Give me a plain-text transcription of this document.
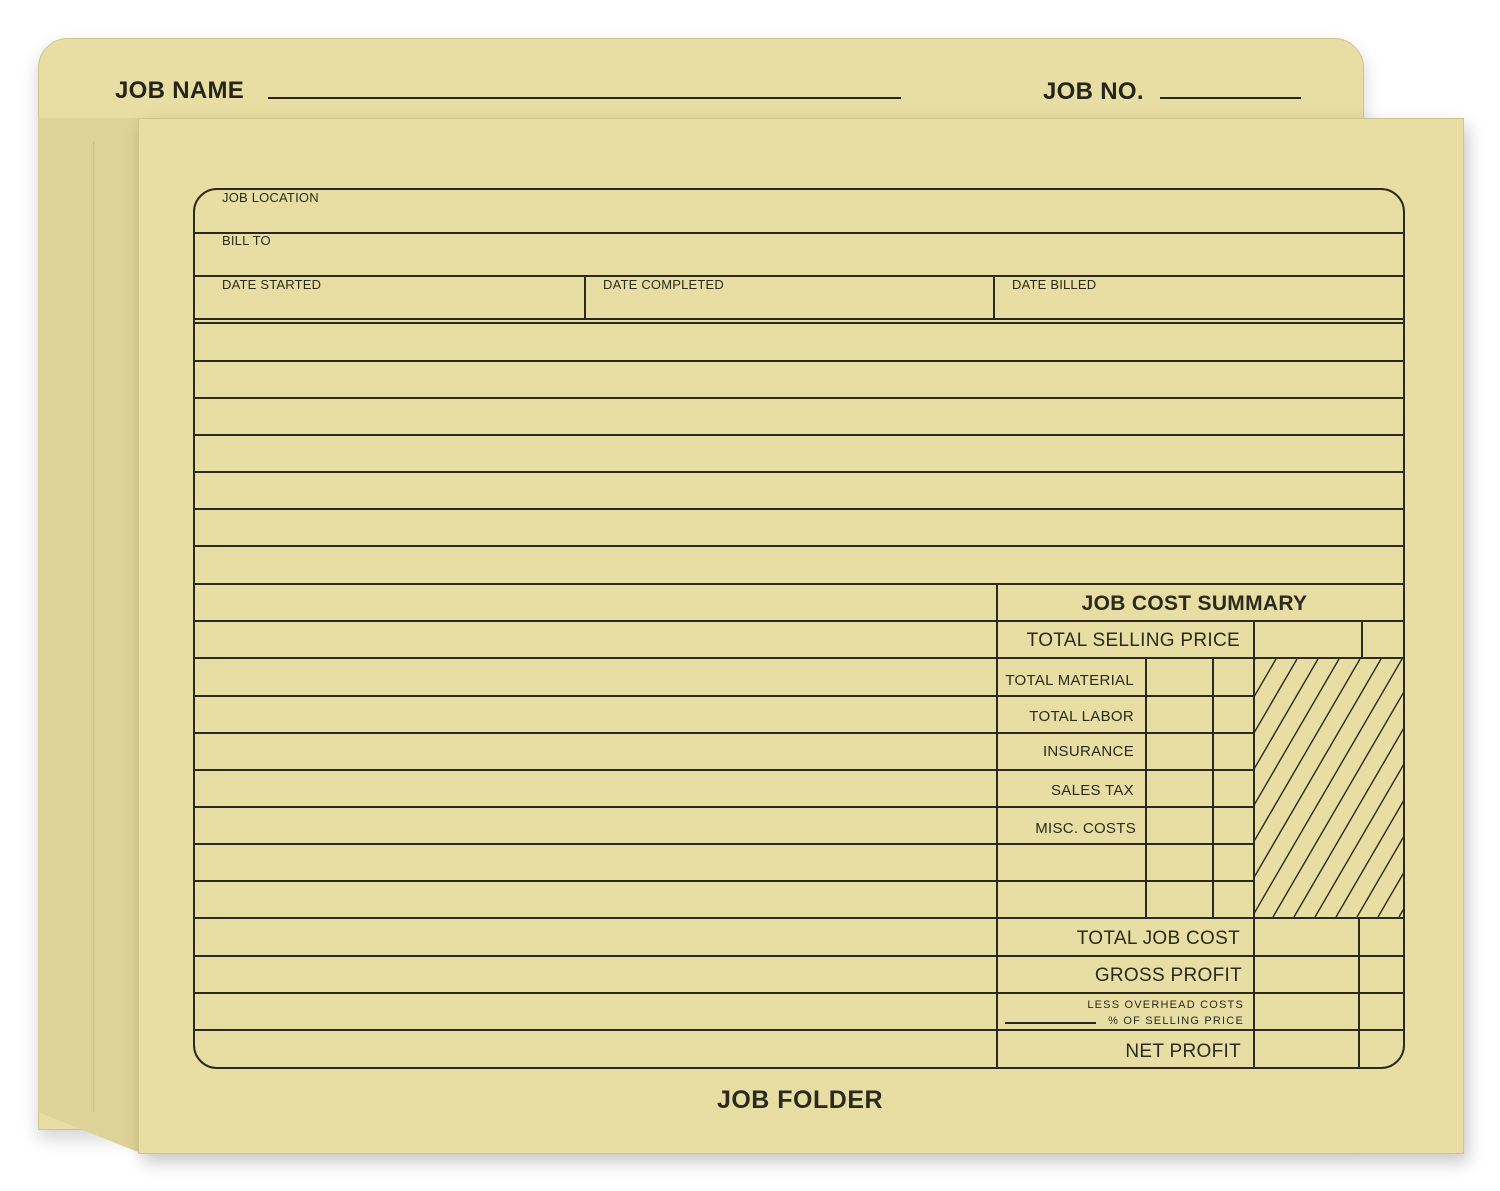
JOB NAME	JOB NO.
JOB LOCATION
BILL TO
DATE STARTED	DATE COMPLETED	DATE BILLED
JOB COST SUMMARY
TOTAL SELLING PRICE
TOTAL MATERIAL
TOTAL LABOR
INSURANCE
SALES TAX
MISC. COSTS
TOTAL JOB COST
GROSS PROFIT
LESS OVERHEAD COSTS
% OF SELLING PRICE
NET PROFIT
JOB FOLDER
